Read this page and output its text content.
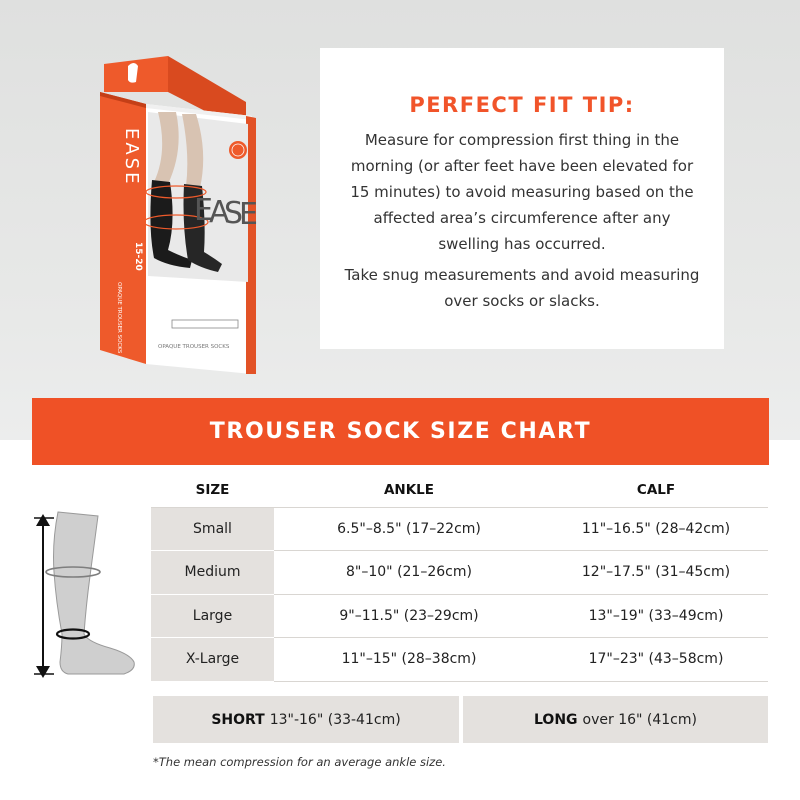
E
A
S
E
EASE
15-20
OPAQUE TROUSER SOCKS	OPAQUE TROUSER SOCKS
PERFECT FIT TIP:

Measure for compression first thing in the morning (or after feet have been elevated for 15 minutes) to avoid measuring based on the affected area’s circumference after any swelling has occurred.

Take snug measurements and avoid measuring over socks or slacks.

TROUSER SOCK SIZE CHART
SIZE	ANKLE	CALF
Small	6.5"–8.5" (17–22cm)	11"–16.5" (28–42cm)
Medium	8"–10" (21–26cm)	12"–17.5" (31–45cm)
Large	9"–11.5" (23–29cm)	13"–19" (33–49cm)
X-Large	11"–15" (28–38cm)	17"–23" (43–58cm)
SHORT 13"-16" (33-41cm)	LONG over 16" (41cm)
*The mean compression for an average ankle size.
